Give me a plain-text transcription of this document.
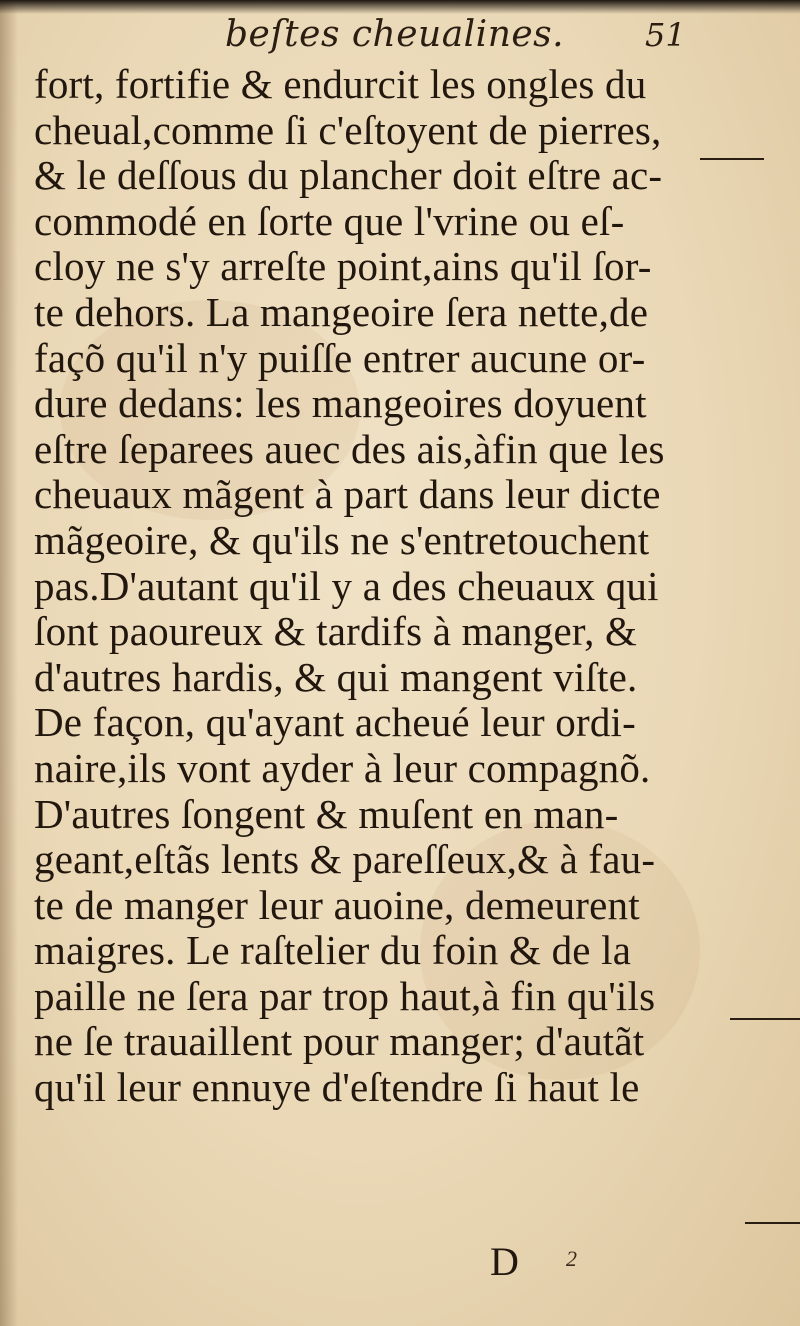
beſtes cheualines.	51
fort, fortifie & endurcit les ongles du
cheual,comme ſi c'eſtoyent de pierres,
& le deſſous du plancher doit eſtre ac-
commodé en ſorte que l'vrine ou eſ-
cloy ne s'y arreſte point,ains qu'il ſor-
te dehors. La mangeoire ſera nette,de
façõ qu'il n'y puiſſe entrer aucune or-
dure dedans: les mangeoires doyuent
eſtre ſeparees auec des ais,àfin que les
cheuaux mãgent à part dans leur dicte
mãgeoire, & qu'ils ne s'entretouchent
pas.D'autant qu'il y a des cheuaux qui
ſont paoureux & tardifs à manger, &
d'autres hardis, & qui mangent viſte.
De façon, qu'ayant acheué leur ordi-
naire,ils vont ayder à leur compagnõ.
D'autres ſongent & muſent en man-
geant,eſtãs lents & pareſſeux,& à fau-
te de manger leur auoine, demeurent
maigres. Le raſtelier du foin & de la
paille ne ſera par trop haut,à fin qu'ils
ne ſe trauaillent pour manger; d'autãt
qu'il leur ennuye d'eſtendre ſi haut le
D 2
